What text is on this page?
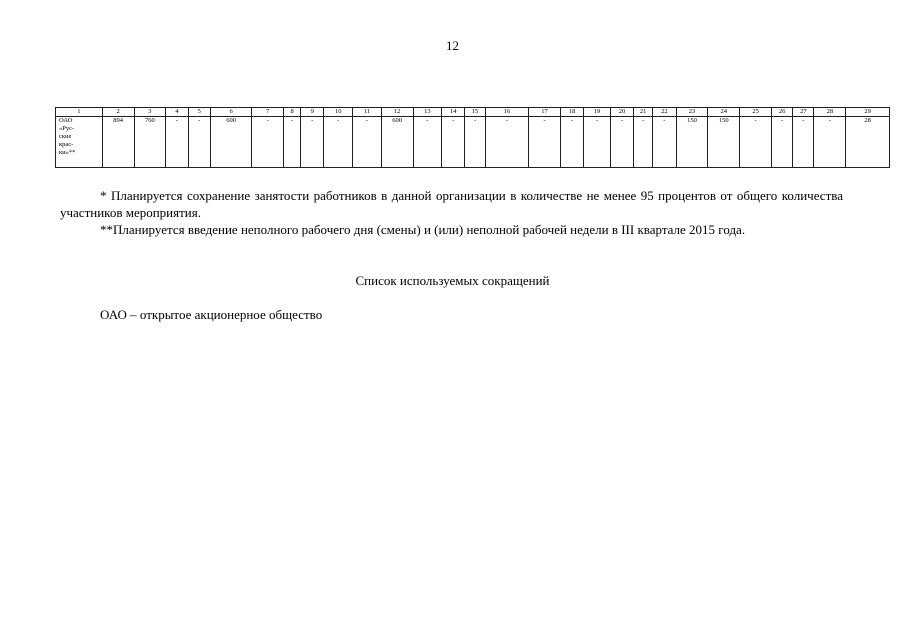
12
1	2	3	4	5	6	7	8	9	10	11	12	13	14	15	16	17	18	19	20	21	22	23	24	25	26	27	28	29

ОАО
«Рус-
ские
крас-
ки»**	894	760	-	-	600	-	-	-	-	-	600	-	-	-	-	-	-	-	-	-	-	150	150	-	-	-	-	28
* Планируется сохранение занятости работников в данной организации в количестве не менее 95 процентов от общего количества участников мероприятия.
**Планируется введение неполного рабочего дня (смены) и (или) неполной рабочей недели в III квартале 2015 года.
Список используемых сокращений
ОАО – открытое акционерное общество
